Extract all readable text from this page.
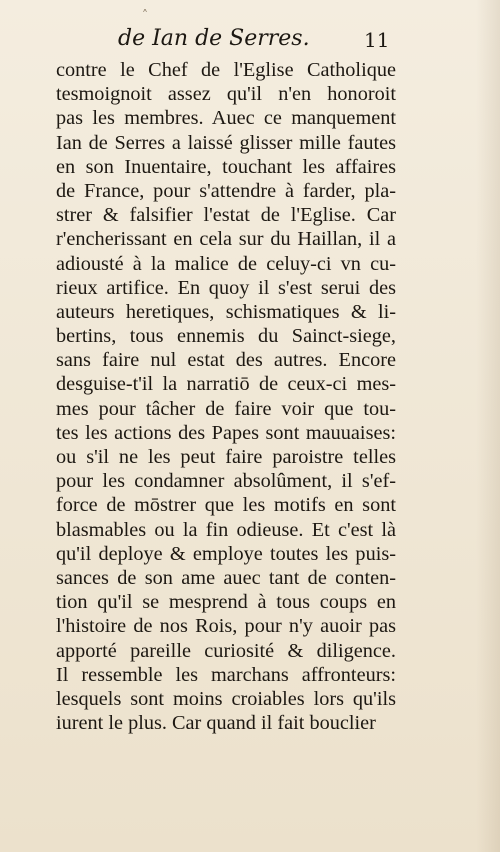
˄
de Ian de Serres.	11
contre le Chef de l'Eglise Catholique
tesmoignoit assez qu'il n'en honoroit
pas les membres. Auec ce manquement
Ian de Serres a laissé glisser mille fautes
en son Inuentaire, touchant les affaires
de France, pour s'attendre à farder, pla-
strer & falsifier l'estat de l'Eglise. Car
r'encherissant en cela sur du Haillan, il a
adiousté à la malice de celuy-ci vn cu-
rieux artifice. En quoy il s'est serui des
auteurs heretiques, schismatiques & li-
bertins, tous ennemis du Sainct-siege,
sans faire nul estat des autres. Encore
desguise-t'il la narratiō de ceux-ci mes-
mes pour tâcher de faire voir que tou-
tes les actions des Papes sont mauuaises:
ou s'il ne les peut faire paroistre telles
pour les condamner absolûment, il s'ef-
force de mōstrer que les motifs en sont
blasmables ou la fin odieuse. Et c'est là
qu'il deploye & employe toutes les puis-
sances de son ame auec tant de conten-
tion qu'il se mesprend à tous coups en
l'histoire de nos Rois, pour n'y auoir pas
apporté pareille curiosité & diligence.
Il ressemble les marchans affronteurs:
lesquels sont moins croiables lors qu'ils
iurent le plus. Car quand il fait bouclier
